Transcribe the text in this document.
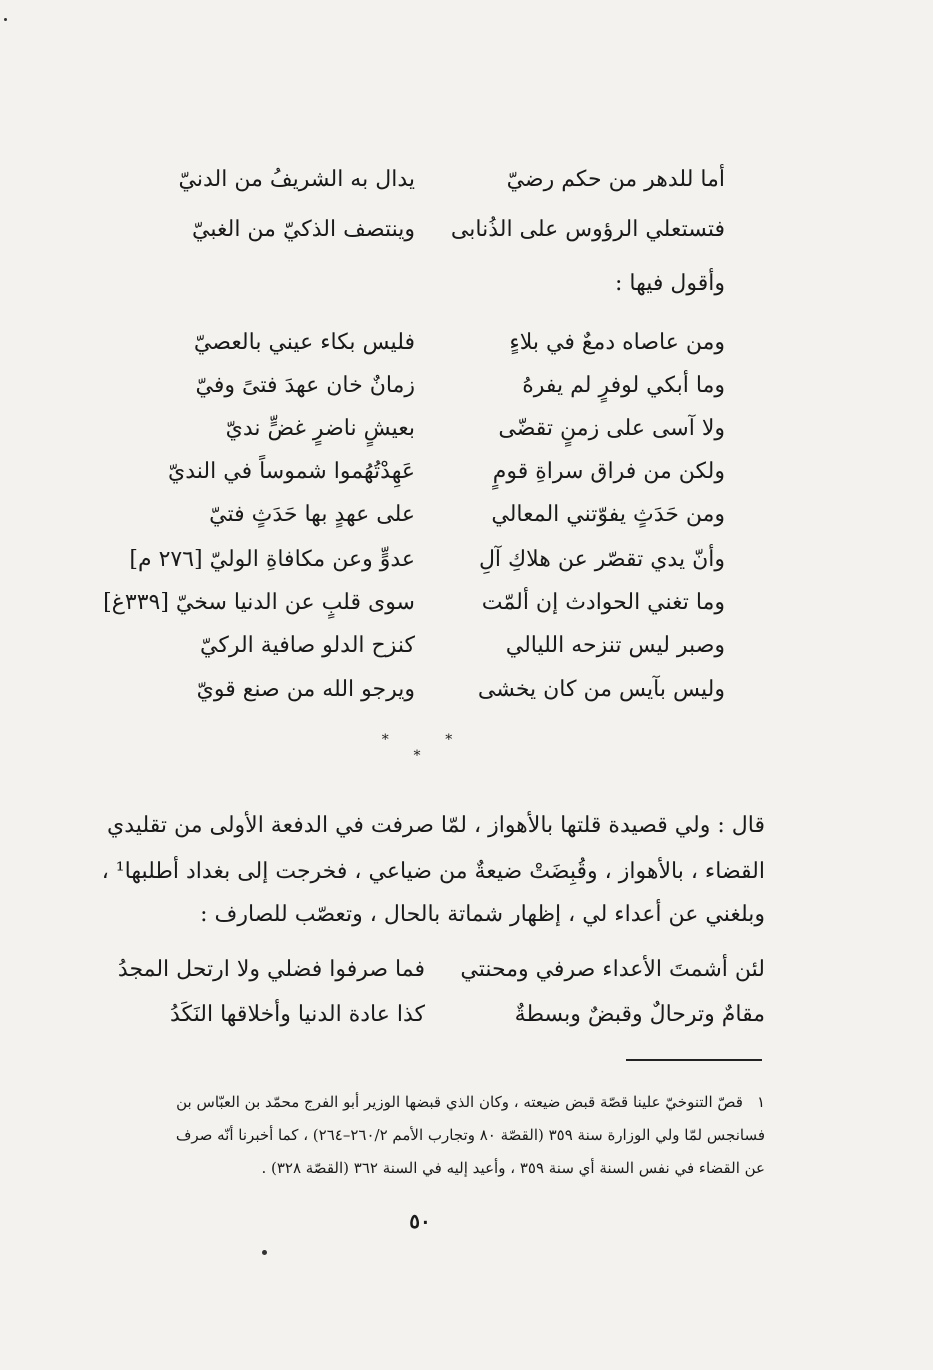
أما للدهر من حكم رضيّ
يدال به الشريفُ من الدنيّ
فتستعلي الرؤوس على الذُنابى
وينتصف الذكيّ من الغبيّ
وأقول فيها :
ومن عاصاه دمعٌ في بلاءٍ
فليس بكاء عيني بالعصيّ
وما أبكي لوفرٍ لم يفرهُ
زمانٌ خان عهدَ فتىً وفيّ
ولا آسى على زمنٍ تقضّى
بعيشٍ ناضرٍ غضٍّ نديّ
ولكن من فراق سراةِ قومٍ
عَهِدْتُهُموا شموساً في النديّ
ومن حَدَثٍ يفوّتني المعالي
على عهدٍ بها حَدَثٍ فتيّ
وأنّ يدي تقصّر عن هلاكِ آلِ
عدوٍّ وعن مكافاةِ الوليّ [٢٧٦ م]
وما تغني الحوادث إن ألمّت
سوى قلبٍ عن الدنيا سخيّ [٣٣٩غ]
وصبر ليس تنزحه الليالي
كنزح الدلو صافية الركيّ
وليس بآيس من كان يخشى
ويرجو الله من صنع قويّ
* * *
قال : ولي قصيدة قلتها بالأهواز ، لمّا صرفت في الدفعة الأولى من تقليدي
القضاء ، بالأهواز ، وقُبِضَتْ ضيعةٌ من ضياعي ، فخرجت إلى بغداد أطلبها¹ ،
وبلغني عن أعداء لي ، إظهار شماتة بالحال ، وتعصّب للصارف :
لئن أشمتَ الأعداء صرفي ومحنتي
فما صرفوا فضلي ولا ارتحل المجدُ
مقامٌ وترحالٌ وقبضٌ وبسطةٌ
كذا عادة الدنيا وأخلاقها النَكَدُ
١قصّ التنوخيّ علينا قصّة قبض ضيعته ، وكان الذي قبضها الوزير أبو الفرج محمّد بن العبّاس بن
فسانجس لمّا ولي الوزارة سنة ٣٥٩ (القصّة ٨٠ وتجارب الأمم ٢٦٠/٢–٢٦٤) ، كما أخبرنا أنّه صرف
عن القضاء في نفس السنة أي سنة ٣٥٩ ، وأعيد إليه في السنة ٣٦٢ (القصّة ٣٢٨) .
٥٠
